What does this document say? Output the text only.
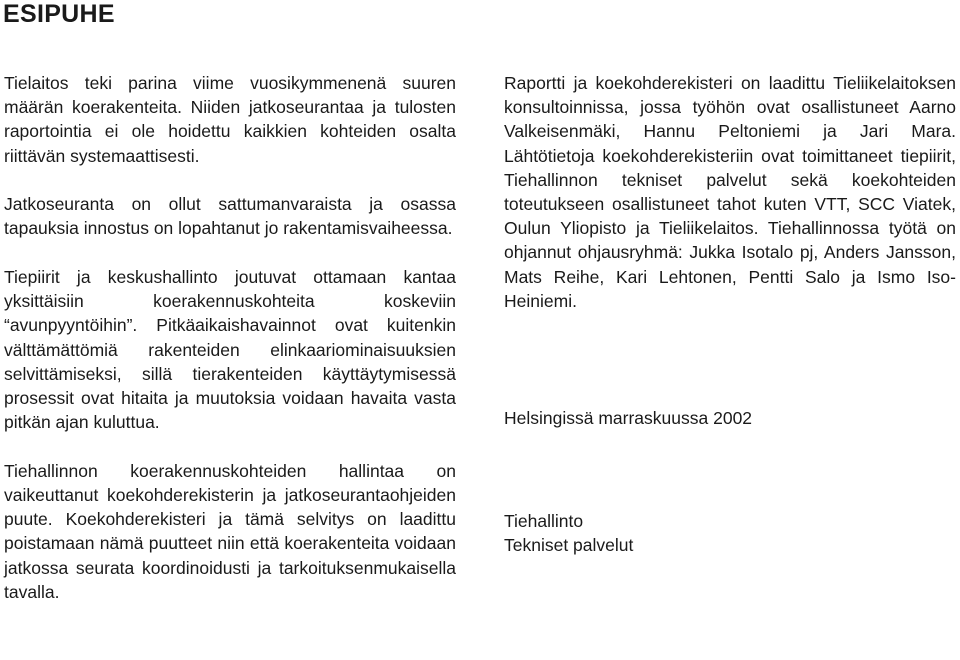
ESIPUHE

Tielaitos teki parina viime vuosikymmenenä suuren määrän koerakenteita. Niiden jatkoseurantaa ja tulosten raportointia ei ole hoidettu kaikkien kohteiden osalta riittävän systemaattisesti.

Jatkoseuranta on ollut sattumanvaraista ja osassa tapauksia innostus on lopahtanut jo rakentamisvaiheessa.

Tiepiirit ja keskushallinto joutuvat ottamaan kantaa yksittäisiin koerakennuskohteita koskeviin “avunpyyntöihin”. Pitkäaikaishavainnot ovat kuitenkin välttämättömiä rakenteiden elinkaariominaisuuksien selvittämiseksi, sillä tierakenteiden käyttäytymisessä prosessit ovat hitaita ja muutoksia voidaan havaita vasta pitkän ajan kuluttua.

Tiehallinnon koerakennuskohteiden hallintaa on vaikeuttanut koekohderekisterin ja jatkoseurantaohjeiden puute. Koekohderekisteri ja tämä selvitys on laadittu poistamaan nämä puutteet niin että koerakenteita voidaan jatkossa seurata koordinoidusti ja tarkoituksenmukaisella tavalla.

Raportti ja koekohderekisteri on laadittu Tieliikelaitoksen konsultoinnissa, jossa työhön ovat osallistuneet Aarno Valkeisenmäki, Hannu Peltoniemi ja Jari Mara. Lähtötietoja koekohderekisteriin ovat toimittaneet tiepiirit, Tiehallinnon tekniset palvelut sekä koekohteiden toteutukseen osallistuneet tahot kuten VTT, SCC Viatek, Oulun Yliopisto ja Tieliikelaitos. Tiehallinnossa työtä on ohjannut ohjausryhmä: Jukka Isotalo pj, Anders Jansson, Mats Reihe, Kari Lehtonen, Pentti Salo ja Ismo Iso-Heiniemi.

Helsingissä marraskuussa 2002

Tiehallinto
Tekniset palvelut
